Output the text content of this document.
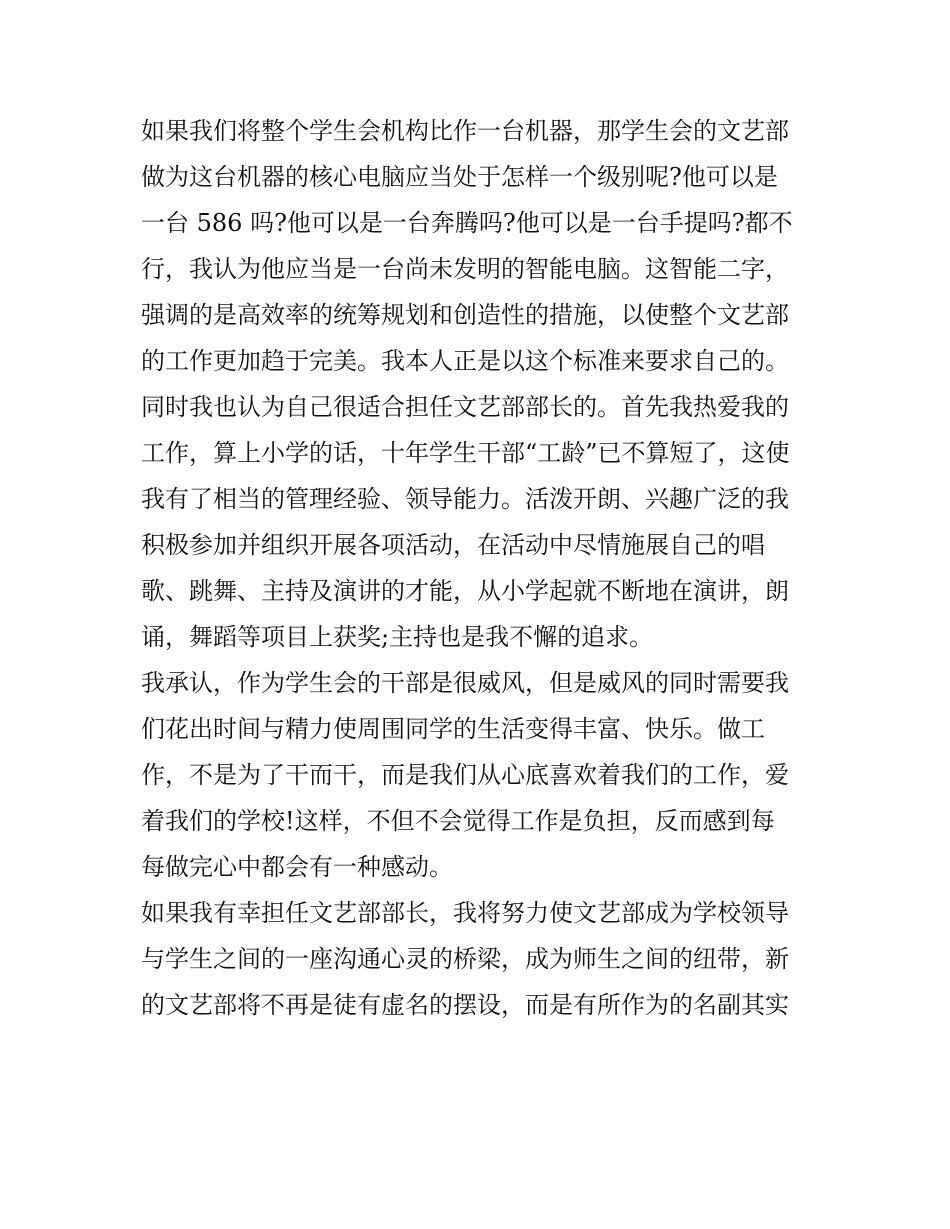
如果我们将整个学生会机构比作一台机器，那学生会的文艺部
做为这台机器的核心电脑应当处于怎样一个级别呢?他可以是
一台 586 吗?他可以是一台奔腾吗?他可以是一台手提吗?都不
行，我认为他应当是一台尚未发明的智能电脑。这智能二字，
强调的是高效率的统筹规划和创造性的措施，以使整个文艺部
的工作更加趋于完美。我本人正是以这个标准来要求自己的。
同时我也认为自己很适合担任文艺部部长的。首先我热爱我的
工作，算上小学的话，十年学生干部“工龄”已不算短了，这使
我有了相当的管理经验、领导能力。活泼开朗、兴趣广泛的我
积极参加并组织开展各项活动，在活动中尽情施展自己的唱
歌、跳舞、主持及演讲的才能，从小学起就不断地在演讲，朗
诵，舞蹈等项目上获奖;主持也是我不懈的追求。
我承认，作为学生会的干部是很威风，但是威风的同时需要我
们花出时间与精力使周围同学的生活变得丰富、快乐。做工
作，不是为了干而干，而是我们从心底喜欢着我们的工作，爱
着我们的学校!这样，不但不会觉得工作是负担，反而感到每
每做完心中都会有一种感动。
如果我有幸担任文艺部部长，我将努力使文艺部成为学校领导
与学生之间的一座沟通心灵的桥梁，成为师生之间的纽带，新
的文艺部将不再是徒有虚名的摆设，而是有所作为的名副其实
